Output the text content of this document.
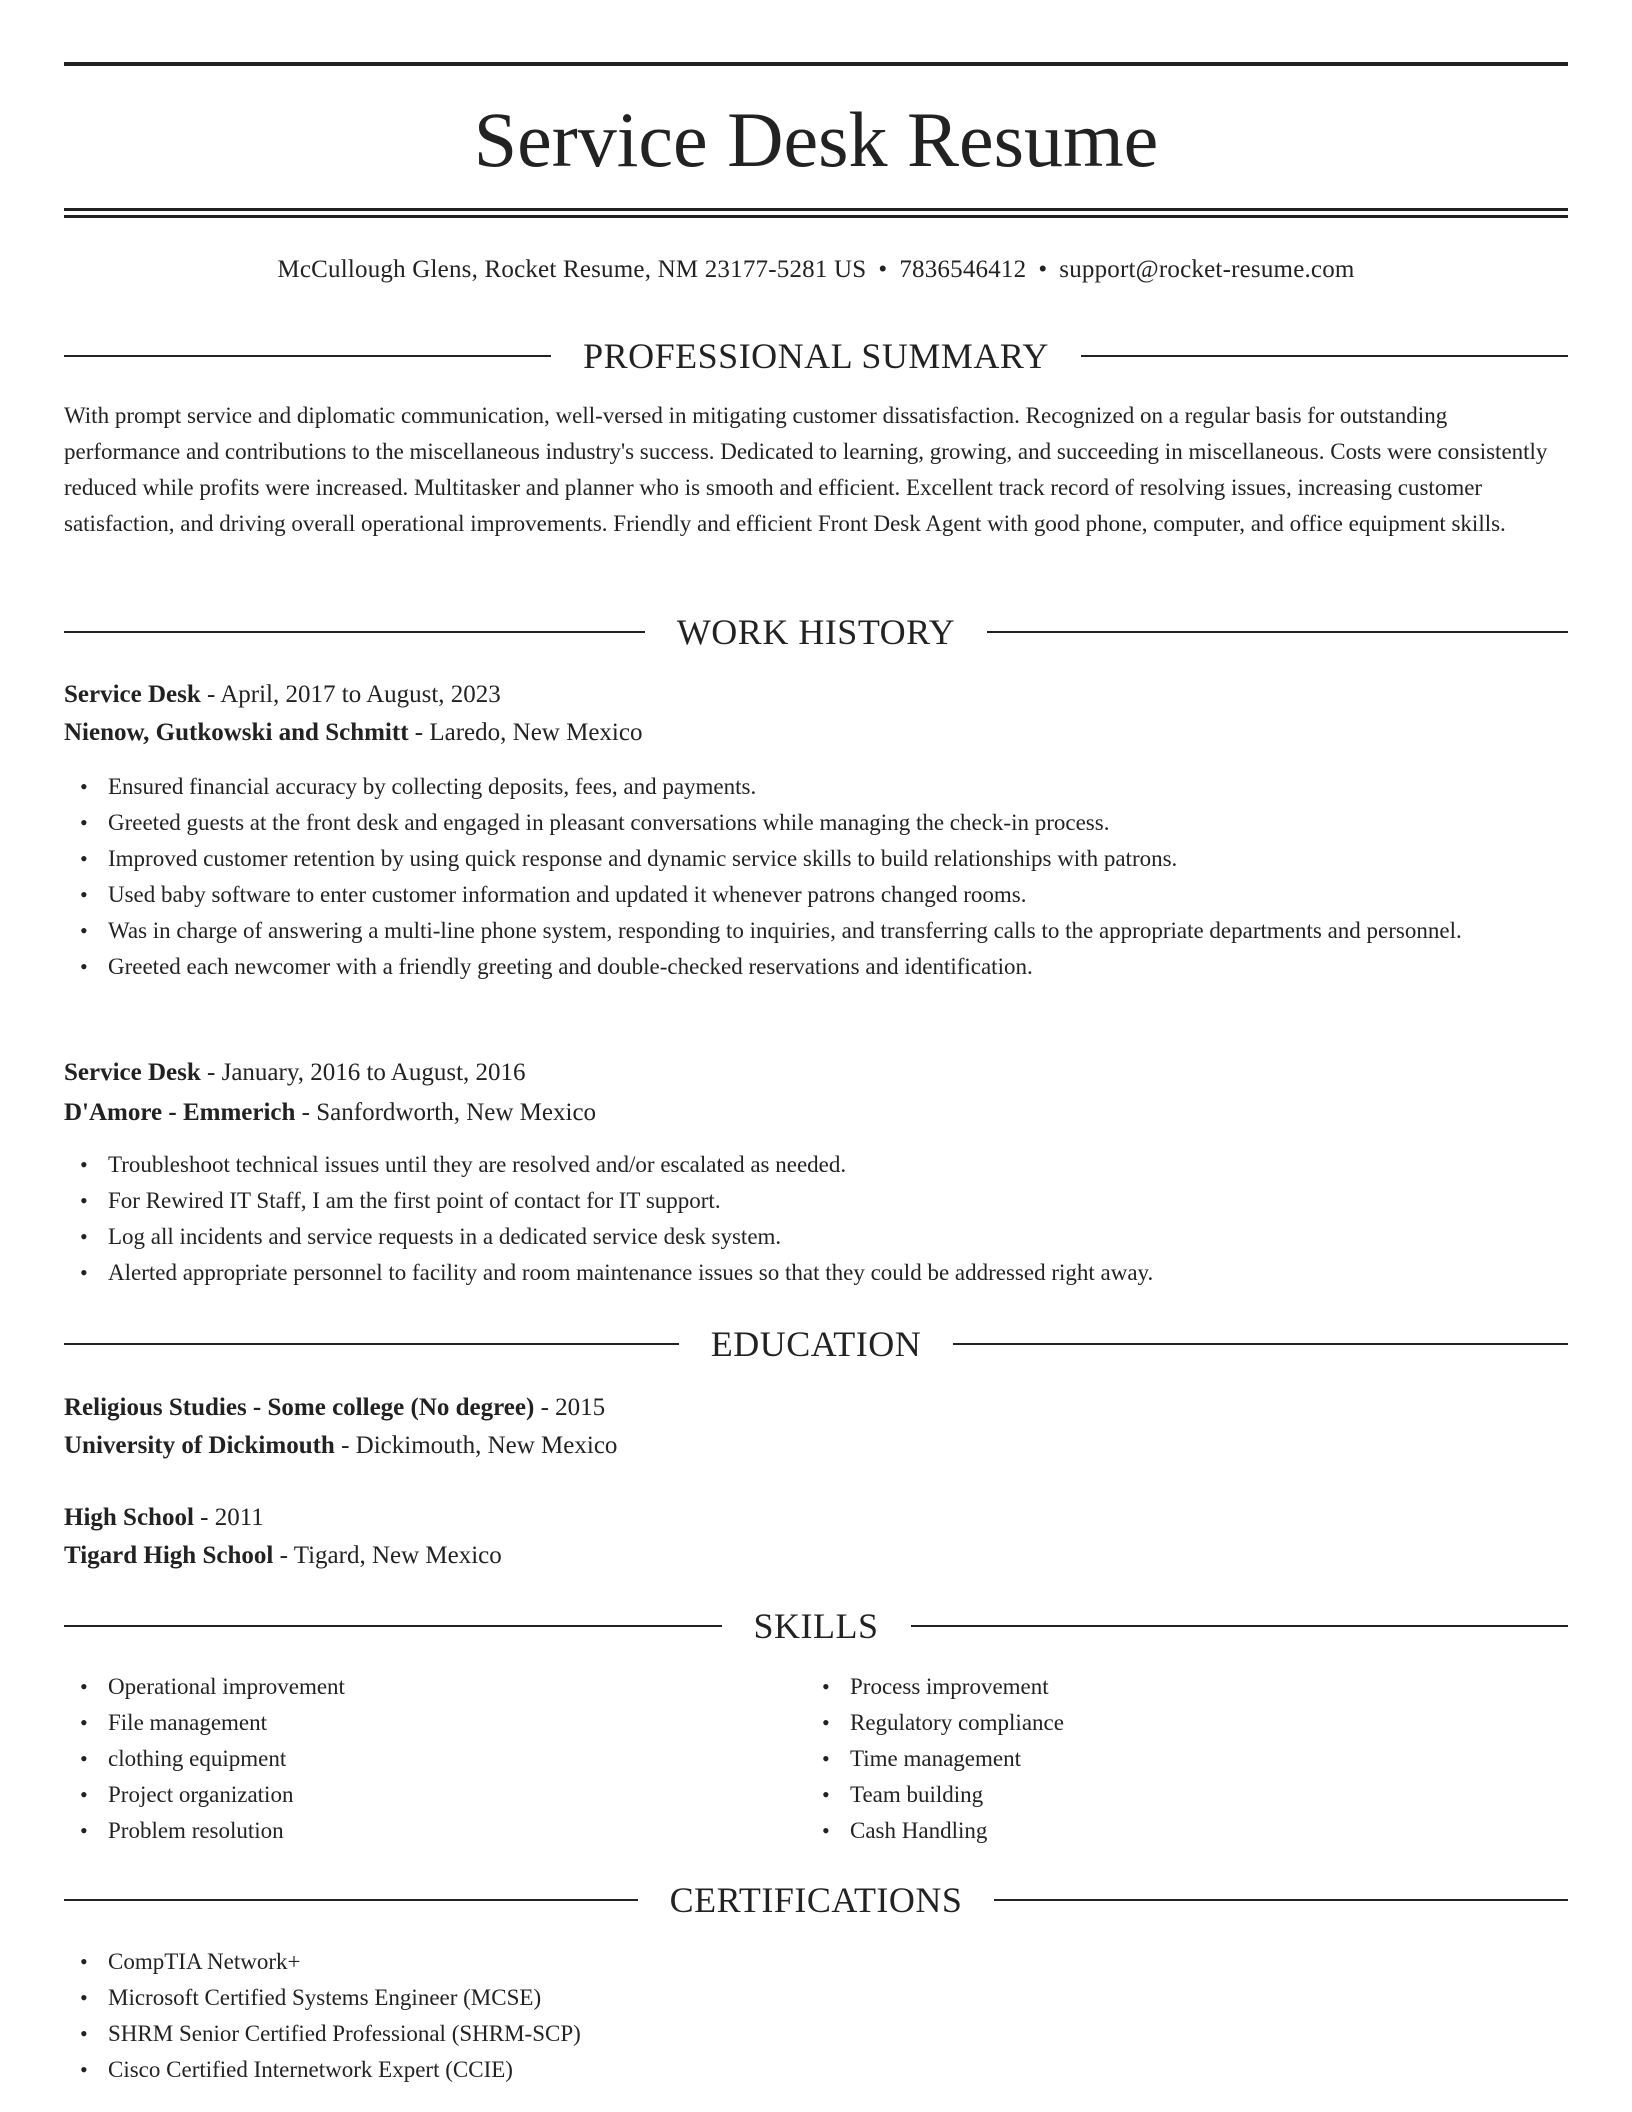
Service Desk Resume
McCullough Glens, Rocket Resume, NM 23177-5281 US • 7836546412 • support@rocket-resume.com
PROFESSIONAL SUMMARY

With prompt service and diplomatic communication, well-versed in mitigating customer dissatisfaction. Recognized on a regular basis for outstanding performance and contributions to the miscellaneous industry's success. Dedicated to learning, growing, and succeeding in miscellaneous. Costs were consistently reduced while profits were increased. Multitasker and planner who is smooth and efficient. Excellent track record of resolving issues, increasing customer satisfaction, and driving overall operational improvements. Friendly and efficient Front Desk Agent with good phone, computer, and office equipment skills.

WORK HISTORY
Service Desk - April, 2017 to August, 2023
Nienow, Gutkowski and Schmitt - Laredo, New Mexico
• Ensured financial accuracy by collecting deposits, fees, and payments.
• Greeted guests at the front desk and engaged in pleasant conversations while managing the check-in process.
• Improved customer retention by using quick response and dynamic service skills to build relationships with patrons.
• Used baby software to enter customer information and updated it whenever patrons changed rooms.
• Was in charge of answering a multi-line phone system, responding to inquiries, and transferring calls to the appropriate departments and personnel.
• Greeted each newcomer with a friendly greeting and double-checked reservations and identification.
Service Desk - January, 2016 to August, 2016
D'Amore - Emmerich - Sanfordworth, New Mexico
• Troubleshoot technical issues until they are resolved and/or escalated as needed.
• For Rewired IT Staff, I am the first point of contact for IT support.
• Log all incidents and service requests in a dedicated service desk system.
• Alerted appropriate personnel to facility and room maintenance issues so that they could be addressed right away.
EDUCATION
Religious Studies - Some college (No degree) - 2015
University of Dickimouth - Dickimouth, New Mexico
High School - 2011
Tigard High School - Tigard, New Mexico
SKILLS
• Operational improvement
• File management
• clothing equipment
• Project organization
• Problem resolution
• Process improvement
• Regulatory compliance
• Time management
• Team building
• Cash Handling
CERTIFICATIONS
• CompTIA Network+
• Microsoft Certified Systems Engineer (MCSE)
• SHRM Senior Certified Professional (SHRM-SCP)
• Cisco Certified Internetwork Expert (CCIE)
